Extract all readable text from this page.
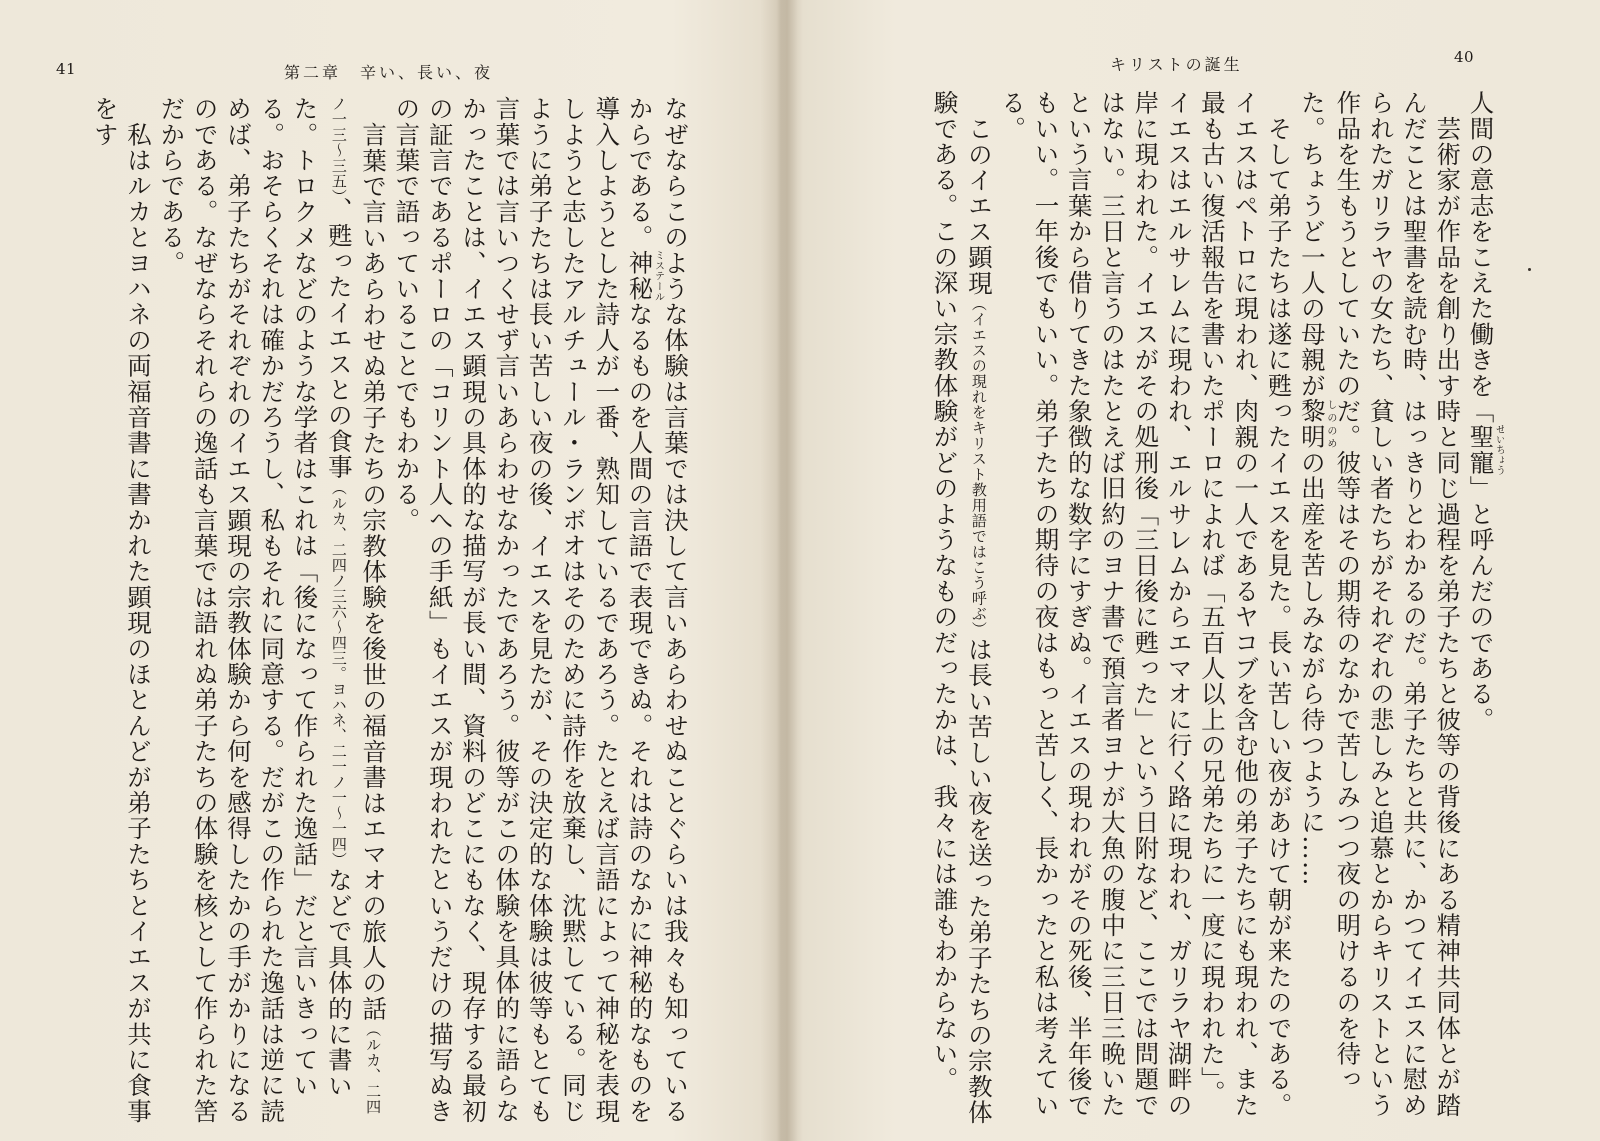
41	第二章　辛い、長い、夜
なぜならこのような体験は言葉では決して言いあらわせぬことぐらいは我々も知っているからである。神秘ミステールなるものを人間の言語で表現できぬ。それは詩のなかに神秘的なものを導入しようとした詩人が一番、熟知しているであろう。たとえば言語によって神秘を表現しようと志したアルチュール・ランボオはそのために詩作を放棄し、沈黙している。同じように弟子たちは長い苦しい夜の後、イエスを見たが、その決定的な体験は彼等もとても言葉では言いつくせず言いあらわせなかったであろう。彼等がこの体験を具体的に語らなかったことは、イエス顕現の具体的な描写が長い間、資料のどこにもなく、現存する最初の証言であるポーロの「コリント人への手紙」もイエスが現われたというだけの描写ぬきの言葉で語っていることでもわかる。
　言葉で言いあらわせぬ弟子たちの宗教体験を後世の福音書はエマオの旅人の話（ルカ、二四ノ一三〜三五）、甦ったイエスとの食事（ルカ、二四ノ三六〜四三。ヨハネ、二一ノ一〜一四）などで具体的に書いた。トロクメなどのような学者はこれは「後になって作られた逸話」だと言いきっている。おそらくそれは確かだろうし、私もそれに同意する。だがこの作られた逸話は逆に読めば、弟子たちがそれぞれのイエス顕現の宗教体験から何を感得したかの手がかりになるのである。なぜならそれらの逸話も言葉では語れぬ弟子たちの体験を核として作られた筈だからである。
　私はルカとヨハネの両福音書に書かれた顕現のほとんどが弟子たちとイエスが共に食事をす
40
キリストの誕生
人間の意志をこえた働きを「聖寵せいちょう」と呼んだのである。
　芸術家が作品を創り出す時と同じ過程を弟子たちと彼等の背後にある精神共同体とが踏んだことは聖書を読む時、はっきりとわかるのだ。弟子たちと共に、かつてイエスに慰められたガリラヤの女たち、貧しい者たちがそれぞれの悲しみと追慕とからキリストという作品を生もうとしていたのだ。彼等はその期待のなかで苦しみつつ夜の明けるのを待った。ちょうど一人の母親が黎明しののめの出産を苦しみながら待つように……
　そして弟子たちは遂に甦ったイエスを見た。長い苦しい夜があけて朝が来たのである。イエスはペトロに現われ、肉親の一人であるヤコブを含む他の弟子たちにも現われ、また最も古い復活報告を書いたポーロによれば「五百人以上の兄弟たちに一度に現われた」。イエスはエルサレムに現われ、エルサレムからエマオに行く路に現われ、ガリラヤ湖畔の岸に現われた。イエスがその処刑後「三日後に甦った」という日附など、ここでは問題ではない。三日と言うのはたとえば旧約のヨナ書で預言者ヨナが大魚の腹中に三日三晩いたという言葉から借りてきた象徴的な数字にすぎぬ。イエスの現われがその死後、半年後でもいい。一年後でもいい。弟子たちの期待の夜はもっと苦しく、長かったと私は考えている。
　このイエス顕現（イエスの現れをキリスト教用語ではこう呼ぶ）は長い苦しい夜を送った弟子たちの宗教体験である。この深い宗教体験がどのようなものだったかは、我々には誰もわからない。
